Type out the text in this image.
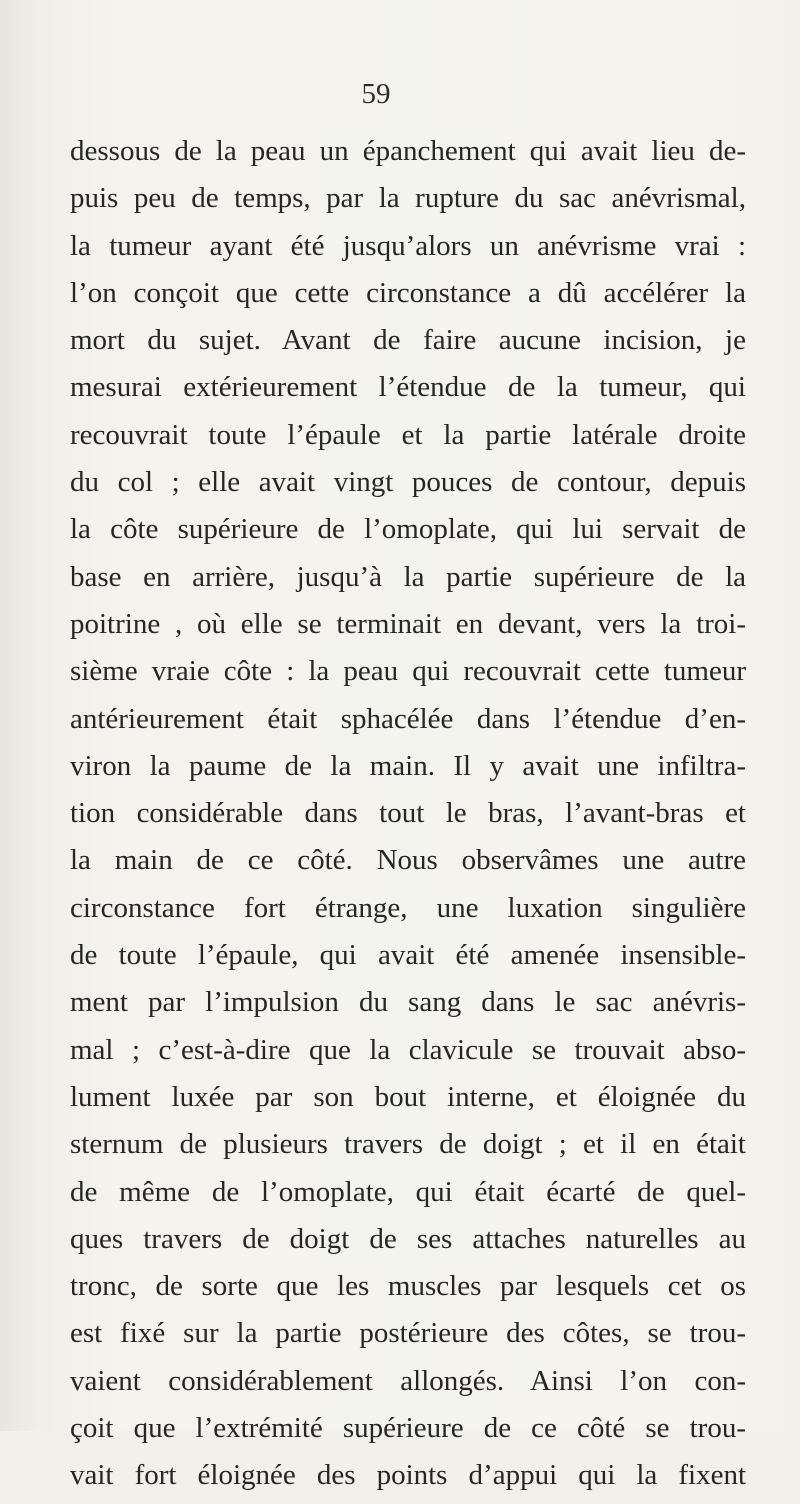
59
dessous de la peau un épanchement qui avait lieu de-
puis peu de temps, par la rupture du sac anévrismal,
la tumeur ayant été jusqu’alors un anévrisme vrai :
l’on conçoit que cette circonstance a dû accélérer la
mort du sujet. Avant de faire aucune incision, je
mesurai extérieurement l’étendue de la tumeur, qui
recouvrait toute l’épaule et la partie latérale droite
du col ; elle avait vingt pouces de contour, depuis
la côte supérieure de l’omoplate, qui lui servait de
base en arrière, jusqu’à la partie supérieure de la
poitrine , où elle se terminait en devant, vers la troi-
sième vraie côte : la peau qui recouvrait cette tumeur
antérieurement était sphacélée dans l’étendue d’en-
viron la paume de la main. Il y avait une infiltra-
tion considérable dans tout le bras, l’avant-bras et
la main de ce côté. Nous observâmes une autre
circonstance fort étrange, une luxation singulière
de toute l’épaule, qui avait été amenée insensible-
ment par l’impulsion du sang dans le sac anévris-
mal ; c’est-à-dire que la clavicule se trouvait abso-
lument luxée par son bout interne, et éloignée du
sternum de plusieurs travers de doigt ; et il en était
de même de l’omoplate, qui était écarté de quel-
ques travers de doigt de ses attaches naturelles au
tronc, de sorte que les muscles par lesquels cet os
est fixé sur la partie postérieure des côtes, se trou-
vaient considérablement allongés. Ainsi l’on con-
çoit que l’extrémité supérieure de ce côté se trou-
vait fort éloignée des points d’appui qui la fixent
